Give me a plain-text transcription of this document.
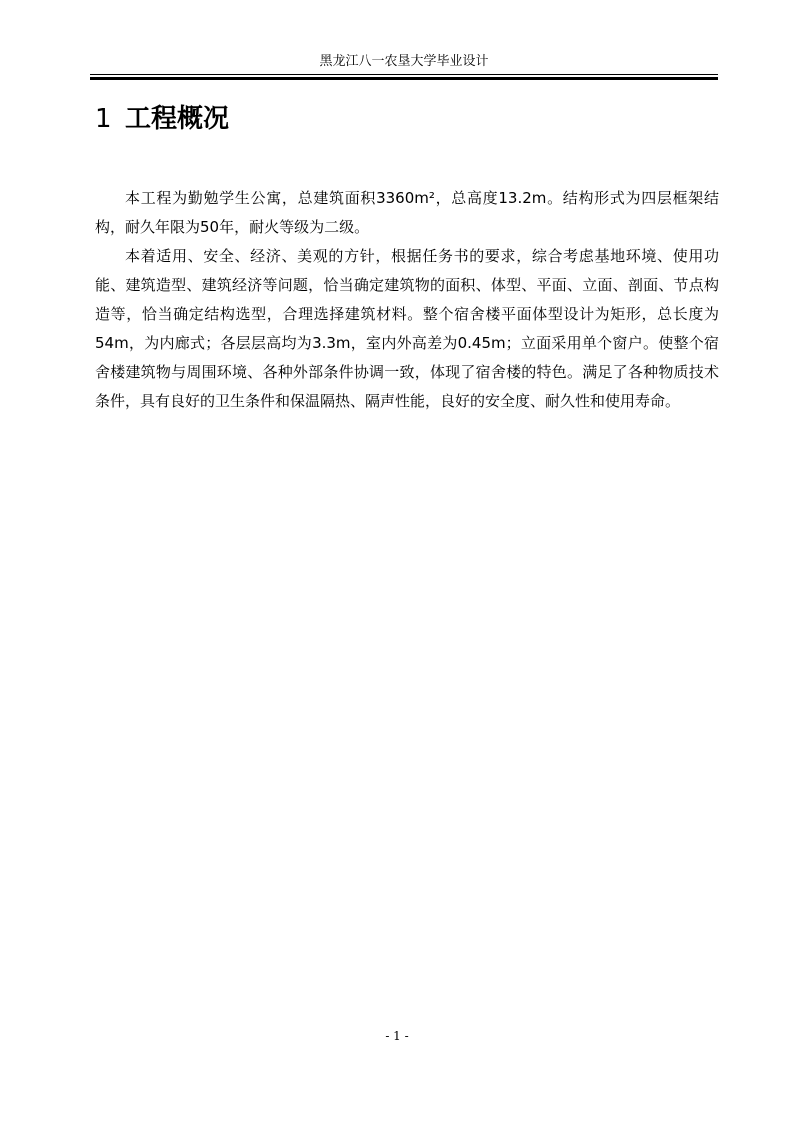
黑龙江八一农垦大学毕业设计
1 工程概况

本工程为勤勉学生公寓，总建筑面积3360m²，总高度13.2m。结构形式为四层框架结构，耐久年限为50年，耐火等级为二级。

本着适用、安全、经济、美观的方针，根据任务书的要求，综合考虑基地环境、使用功能、建筑造型、建筑经济等问题，恰当确定建筑物的面积、体型、平面、立面、剖面、节点构造等，恰当确定结构选型，合理选择建筑材料。整个宿舍楼平面体型设计为矩形，总长度为54m，为内廊式；各层层高均为3.3m，室内外高差为0.45m；立面采用单个窗户。使整个宿舍楼建筑物与周围环境、各种外部条件协调一致，体现了宿舍楼的特色。满足了各种物质技术条件，具有良好的卫生条件和保温隔热、隔声性能，良好的安全度、耐久性和使用寿命。

- 1 -
